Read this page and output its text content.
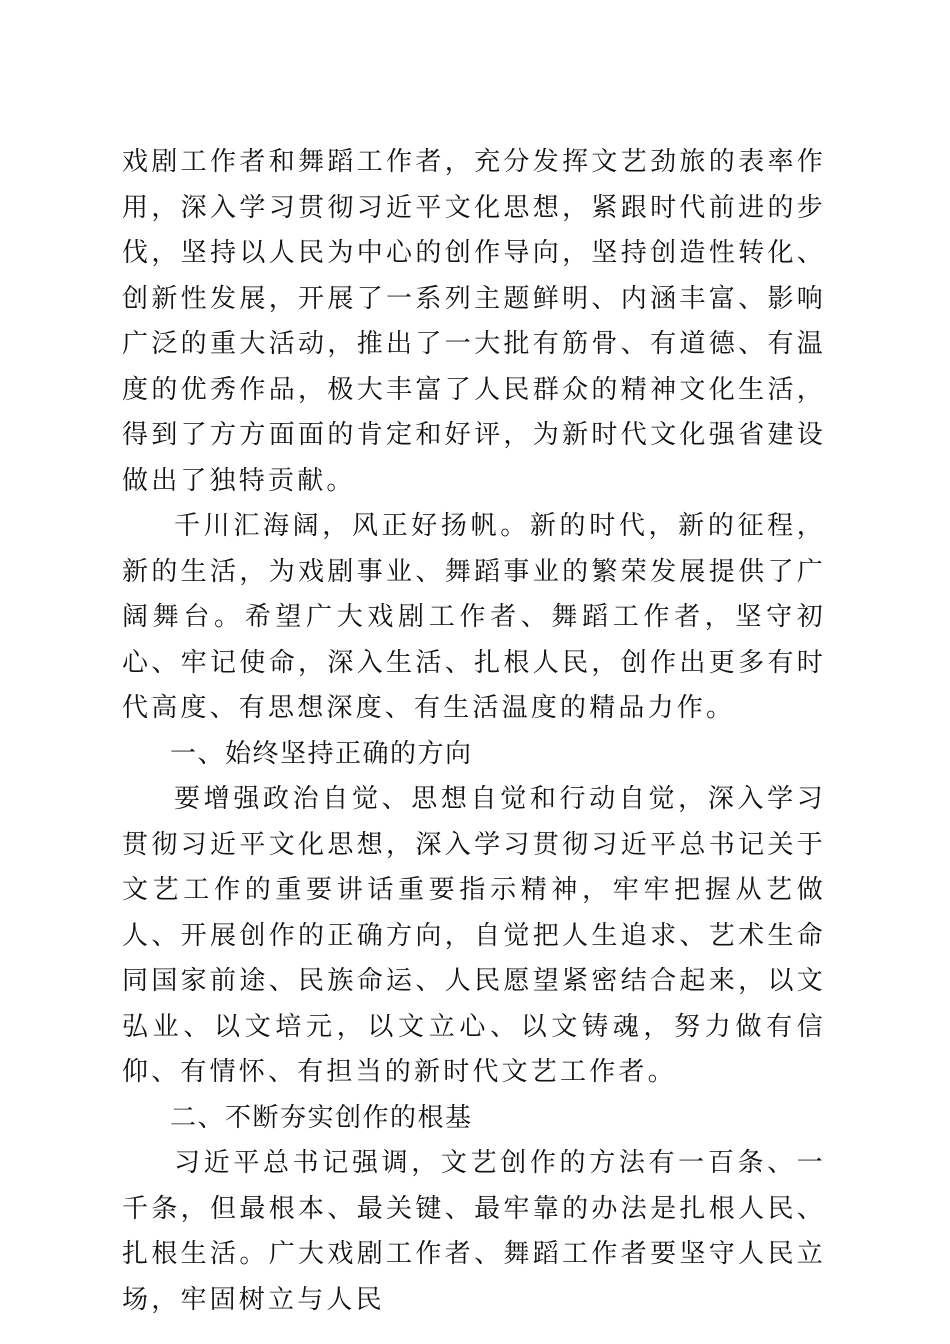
戏剧工作者和舞蹈工作者，充分发挥文艺劲旅的表率作用，深入学习贯彻习近平文化思想，紧跟时代前进的步伐，坚持以人民为中心的创作导向，坚持创造性转化、创新性发展，开展了一系列主题鲜明、内涵丰富、影响广泛的重大活动，推出了一大批有筋骨、有道德、有温度的优秀作品，极大丰富了人民群众的精神文化生活，得到了方方面面的肯定和好评，为新时代文化强省建设做出了独特贡献。

千川汇海阔，风正好扬帆。新的时代，新的征程，新的生活，为戏剧事业、舞蹈事业的繁荣发展提供了广阔舞台。希望广大戏剧工作者、舞蹈工作者，坚守初心、牢记使命，深入生活、扎根人民，创作出更多有时代高度、有思想深度、有生活温度的精品力作。

一、始终坚持正确的方向

要增强政治自觉、思想自觉和行动自觉，深入学习贯彻习近平文化思想，深入学习贯彻习近平总书记关于文艺工作的重要讲话重要指示精神，牢牢把握从艺做人、开展创作的正确方向，自觉把人生追求、艺术生命同国家前途、民族命运、人民愿望紧密结合起来，以文弘业、以文培元，以文立心、以文铸魂，努力做有信仰、有情怀、有担当的新时代文艺工作者。

二、不断夯实创作的根基

习近平总书记强调，文艺创作的方法有一百条、一千条，但最根本、最关键、最牢靠的办法是扎根人民、扎根生活。广大戏剧工作者、舞蹈工作者要坚守人民立场，牢固树立与人民
